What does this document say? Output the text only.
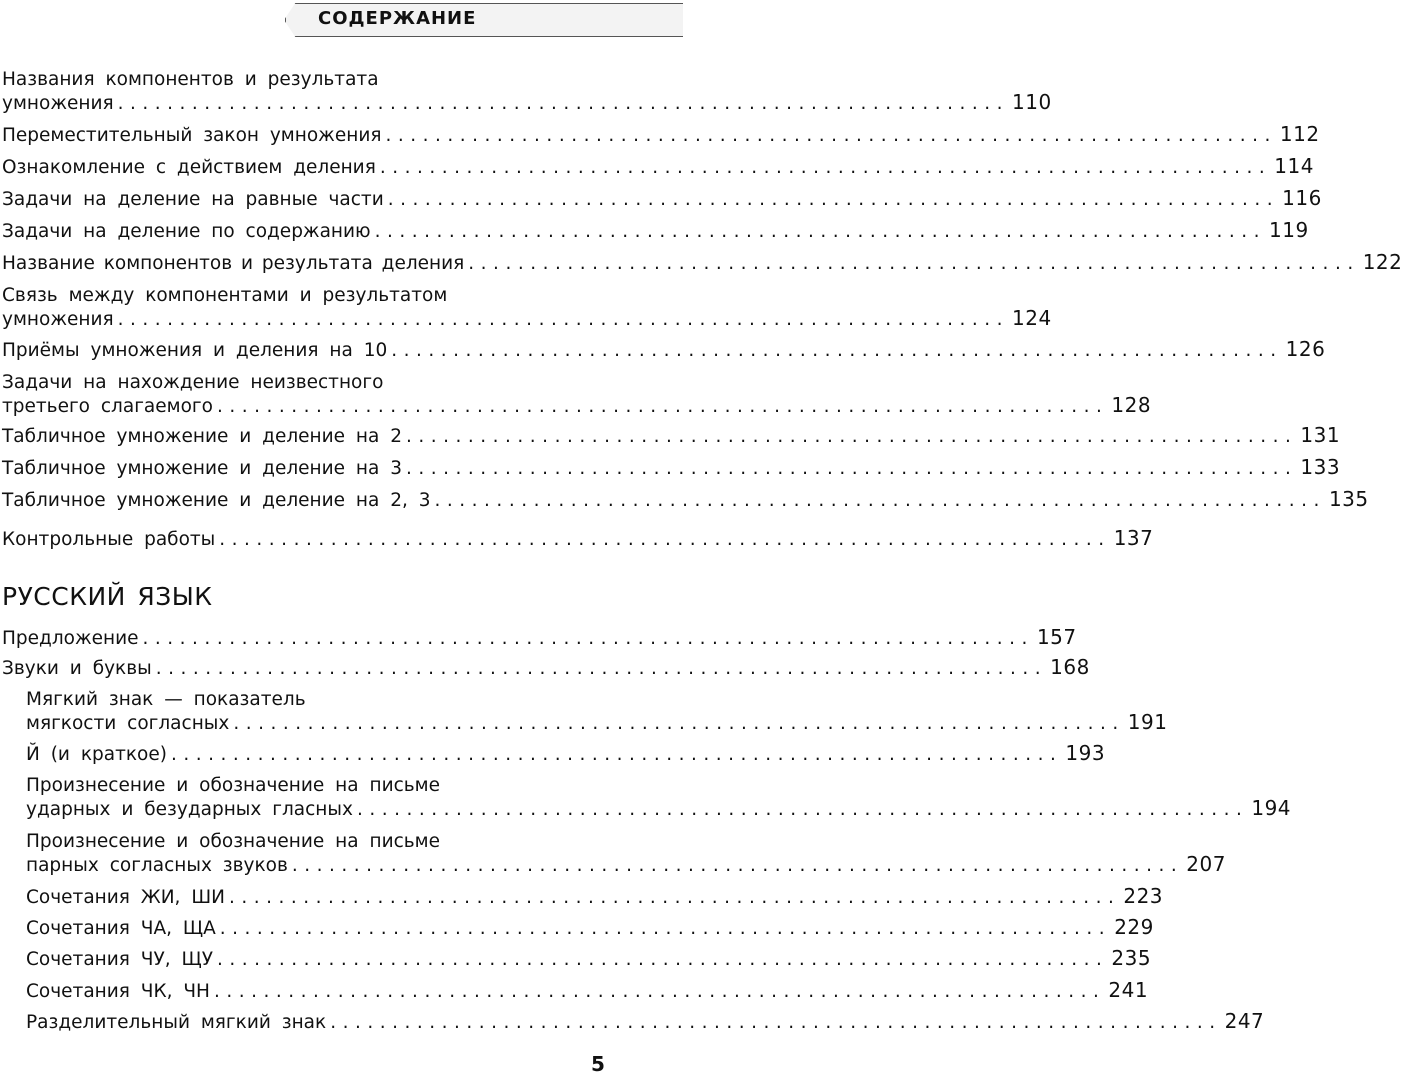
СОДЕРЖАНИЕ
Названия компонентов и результата
умножения ........................................................................ 110
Переместительный закон умножения ........................................................................ 112
Ознакомление с действием деления ........................................................................ 114
Задачи на деление на равные части ........................................................................ 116
Задачи на деление по содержанию ........................................................................ 119
Название компонентов и результата деления ........................................................................ 122
Связь между компонентами и результатом
умножения ........................................................................ 124
Приёмы умножения и деления на 10 ........................................................................ 126
Задачи на нахождение неизвестного
третьего слагаемого ........................................................................ 128
Табличное умножение и деление на 2 ........................................................................ 131
Табличное умножение и деление на 3 ........................................................................ 133
Табличное умножение и деление на 2, 3 ........................................................................ 135
Контрольные работы ........................................................................ 137
РУССКИЙ ЯЗЫК
Предложение ........................................................................ 157
Звуки и буквы ........................................................................ 168
Мягкий знак — показатель
мягкости согласных ........................................................................ 191
Й (и краткое) ........................................................................ 193
Произнесение и обозначение на письме
ударных и безударных гласных ........................................................................ 194
Произнесение и обозначение на письме
парных согласных звуков ........................................................................ 207
Сочетания ЖИ, ШИ ........................................................................ 223
Сочетания ЧА, ЩА ........................................................................ 229
Сочетания ЧУ, ЩУ ........................................................................ 235
Сочетания ЧК, ЧН ........................................................................ 241
Разделительный мягкий знак ........................................................................ 247
5
